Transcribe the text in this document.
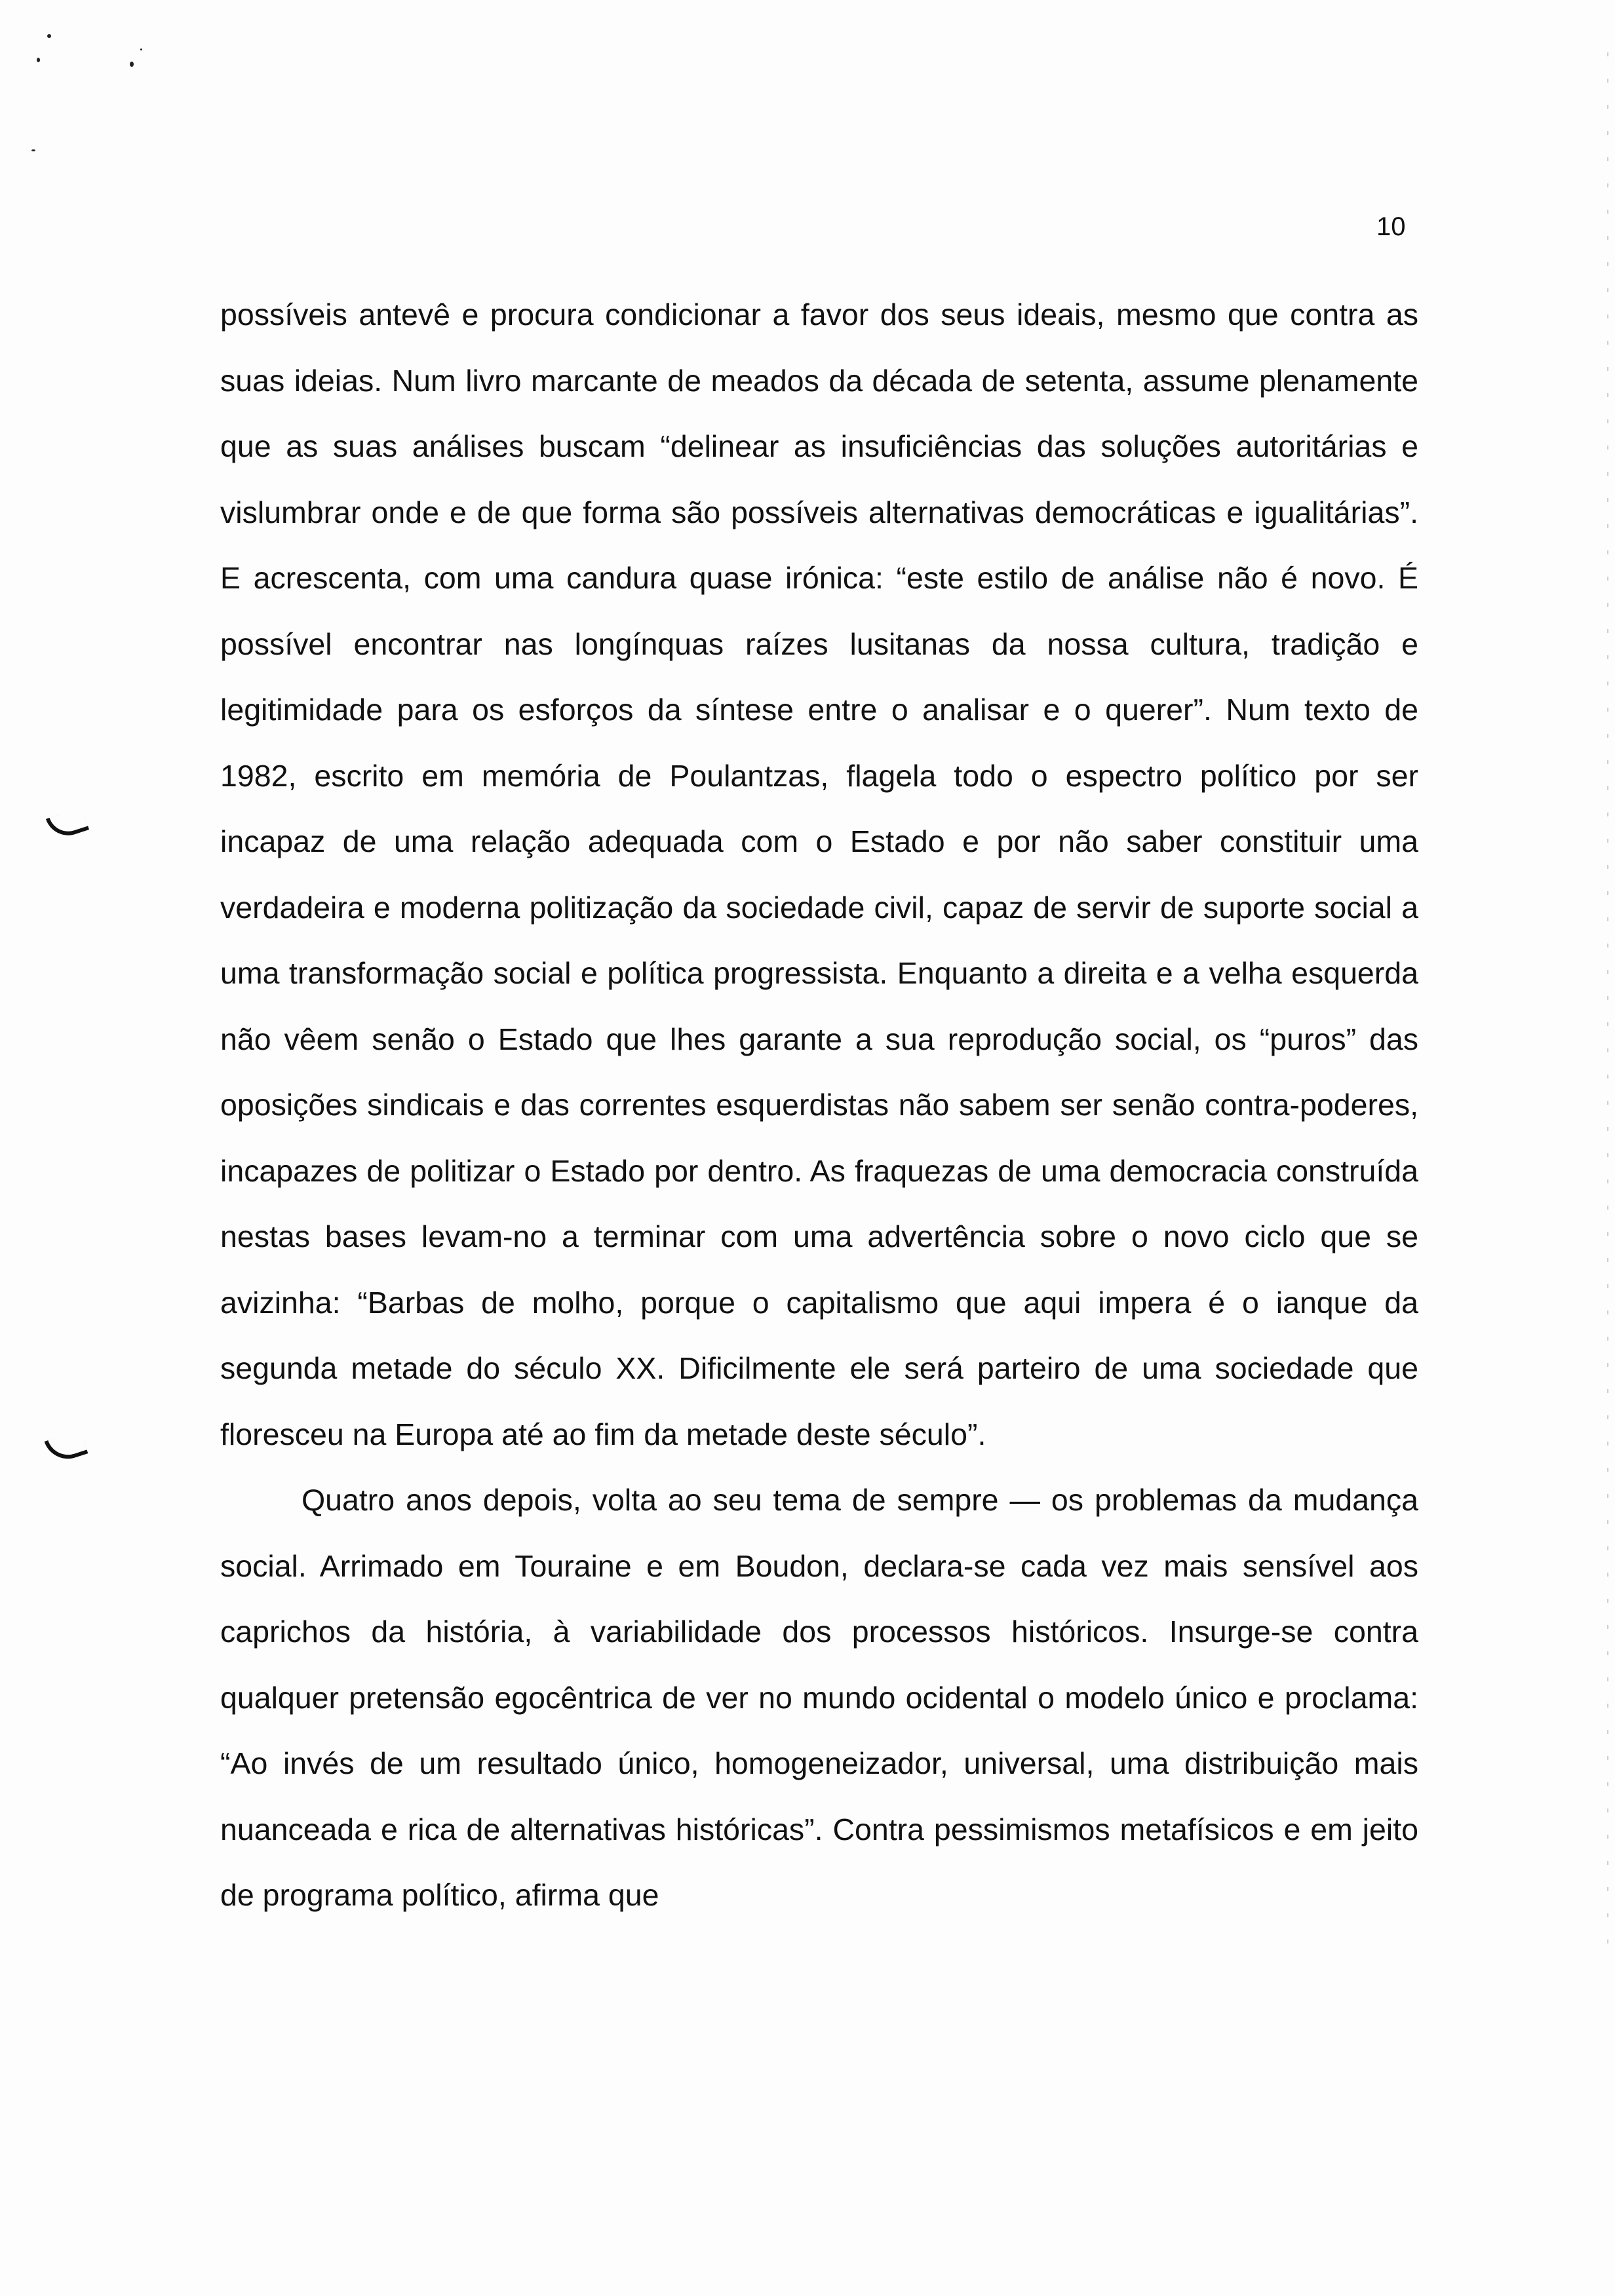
10

possíveis antevê e procura condicionar a favor dos seus ideais, mesmo que contra as suas ideias. Num livro marcante de meados da década de setenta, assume plenamente que as suas análises buscam “delinear as insuficiências das soluções autoritárias e vislumbrar onde e de que forma são possíveis alternativas democráticas e igualitárias”. E acrescenta, com uma candura quase irónica: “este estilo de análise não é novo. É possível encontrar nas longínquas raízes lusitanas da nossa cultura, tradição e legitimidade para os esforços da síntese entre o analisar e o querer”. Num texto de 1982, escrito em memória de Poulantzas, flagela todo o espectro político por ser incapaz de uma relação adequada com o Estado e por não saber constituir uma verdadeira e moderna politização da sociedade civil, capaz de servir de suporte social a uma transformação social e política progressista. Enquanto a direita e a velha esquerda não vêem senão o Estado que lhes garante a sua reprodução social, os “puros” das oposições sindicais e das correntes esquerdistas não sabem ser senão contra-poderes, incapazes de politizar o Estado por dentro. As fraquezas de uma democracia construída nestas bases levam-no a terminar com uma advertência sobre o novo ciclo que se avizinha: “Barbas de molho, porque o capitalismo que aqui impera é o ianque da segunda metade do século XX. Dificilmente ele será parteiro de uma sociedade que floresceu na Europa até ao fim da metade deste século”.

Quatro anos depois, volta ao seu tema de sempre — os problemas da mudança social. Arrimado em Touraine e em Boudon, declara-se cada vez mais sensível aos caprichos da história, à variabilidade dos processos históricos. Insurge-se contra qualquer pretensão egocêntrica de ver no mundo ocidental o modelo único e proclama: “Ao invés de um resultado único, homogeneizador, universal, uma distribuição mais nuanceada e rica de alternativas históricas”. Contra pessimismos metafísicos e em jeito de programa político, afirma que
